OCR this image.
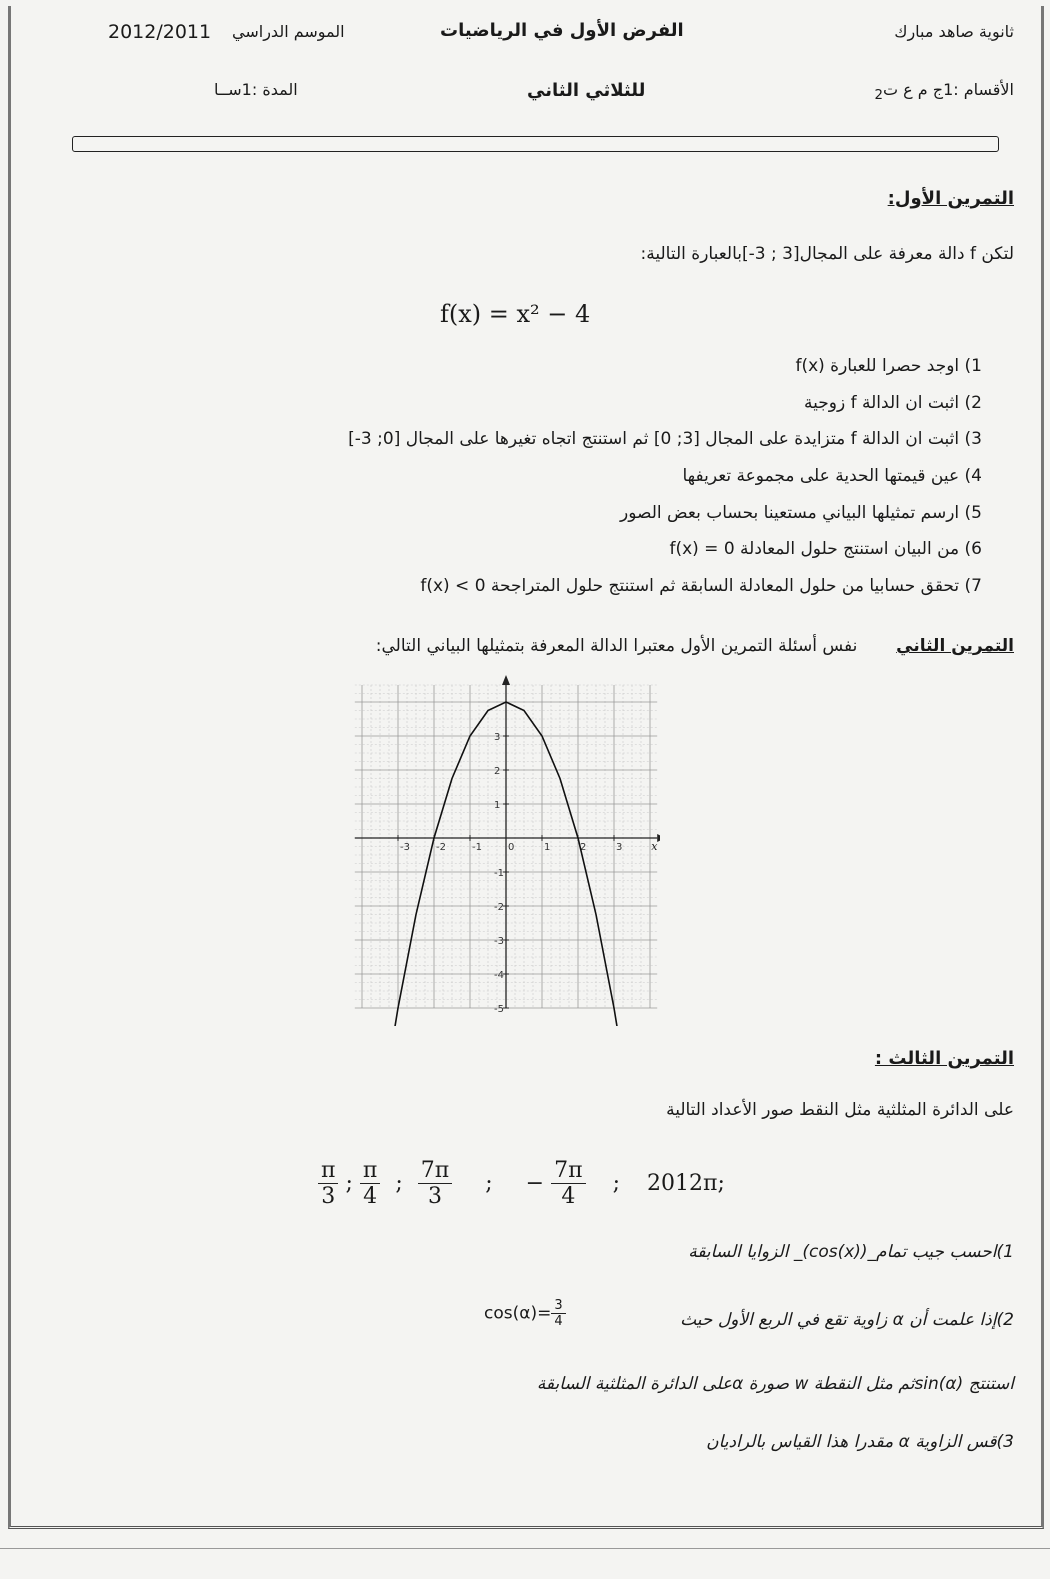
ثانوية صاهد مبارك
الفرض الأول في الرياضيات
2012/2011 الموسم الدراسي
الأقسام :1ج م ع ت$_2$
للثلاثي الثاني
المدة :1ســا
التمرين الأول:
لتكن f دالة معرفة على المجال[3 ; 3-]بالعبارة التالية:
f(x) = x² − 4
1) اوجد حصرا للعبارة f(x)
2) اثبت ان الدالة f زوجية
3) اثبت ان الدالة f متزايدة على المجال [3; 0] ثم استنتج اتجاه تغيرها على المجال [0; 3-]
4) عين قيمتها الحدية على مجموعة تعريفها
5) ارسم تمثيلها البياني مستعينا بحساب بعض الصور
6) من البيان استنتج حلول المعادلة f(x) = 0
7) تحقق حسابيا من حلول المعادلة السابقة ثم استنتج حلول المتراجحة f(x) < 0
التمرين الثاني  نفس أسئلة التمرين الأول معتبرا الدالة المعرفة بتمثيلها البياني التالي:
-3	-2	-1	0	1	2	3
-5
-4
-3
-2
-1
1
2
3
x
التمرين الثالث :
على الدائرة المثلثية مثل النقط صور الأعداد التالية
$\frac{\pi}{3}$ ; $\frac{\pi}{4}$ ; $\frac{7\pi}{3}$ ; − $\frac{7\pi}{4}$ ; 2012π;
1)احسب جيب تمام_(cos(x))_ الزوايا السابقة
2)إذا علمت أن α زاوية تقع في الربع الأول حيث
$\cos(\alpha)= \frac{3}{4}$
استنتج sin(α)ثم مثل النقطة w صورة αعلى الدائرة المثلثية السابقة
3)قس الزاوية α مقدرا هذا القياس بالراديان
